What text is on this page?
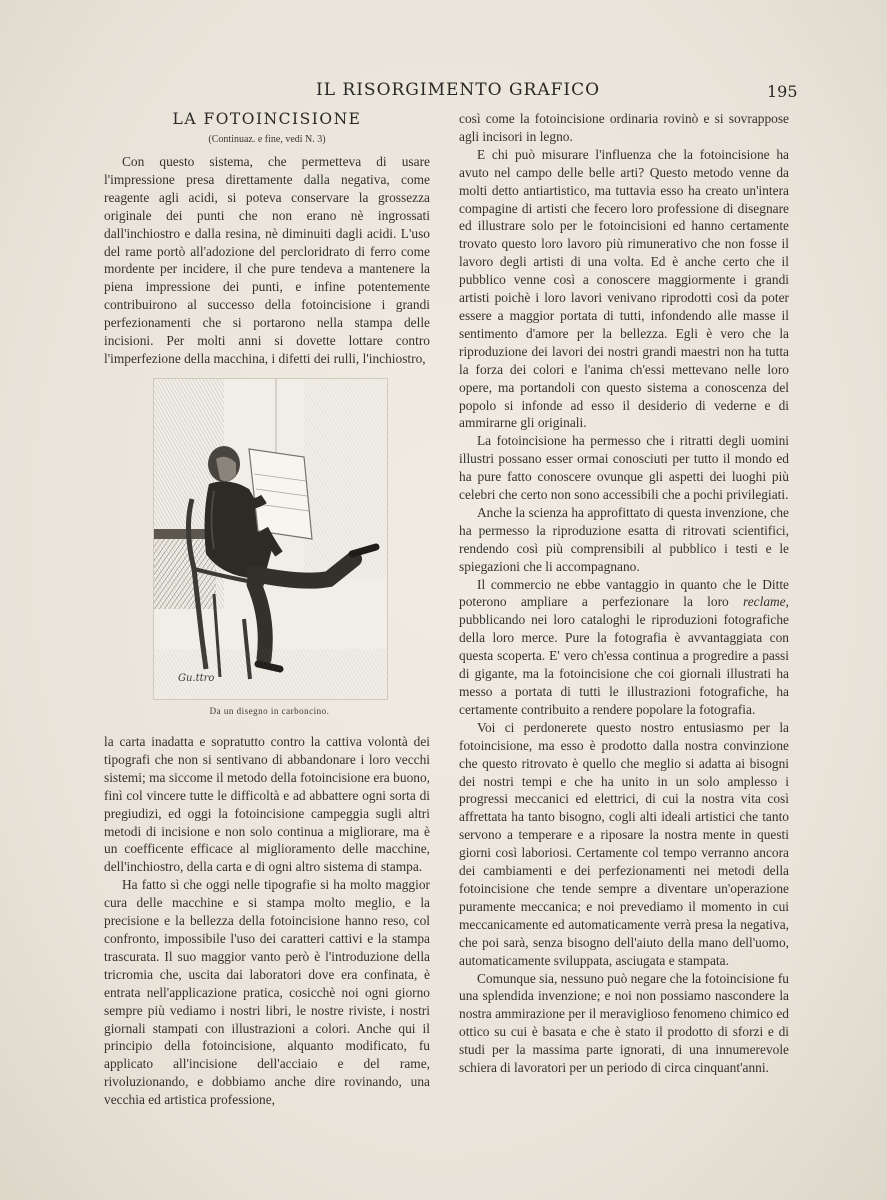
IL RISORGIMENTO GRAFICO	195
LA FOTOINCISIONE
(Continuaz. e fine, vedi N. 3)

Con questo sistema, che permetteva di usare l'impressione presa direttamente dalla negativa, come reagente agli acidi, si poteva conservare la grossezza originale dei punti che non erano nè ingrossati dall'inchiostro e dalla resina, nè diminuiti dagli acidi. L'uso del rame portò all'adozione del percloridrato di ferro come mordente per incidere, il che pure tendeva a mantenere la piena impressione dei punti, e infine potentemente contribuirono al successo della fotoincisione i grandi perfezionamenti che si portarono nella stampa delle incisioni. Per molti anni si dovette lottare contro l'imperfezione della macchina, i difetti dei rulli, l'inchiostro,

Gu.ttro
Da un disegno in carboncino.

la carta inadatta e sopratutto contro la cattiva volontà dei tipografi che non si sentivano di abbandonare i loro vecchi sistemi; ma siccome il metodo della fotoincisione era buono, finì col vincere tutte le difficoltà e ad abbattere ogni sorta di pregiudizi, ed oggi la fotoincisione campeggia sugli altri metodi di incisione e non solo continua a migliorare, ma è un coefficente efficace al miglioramento delle macchine, dell'inchiostro, della carta e di ogni altro sistema di stampa.

Ha fatto sì che oggi nelle tipografie si ha molto maggior cura delle macchine e si stampa molto meglio, e la precisione e la bellezza della fotoincisione hanno reso, col confronto, impossibile l'uso dei caratteri cattivi e la stampa trascurata. Il suo maggior vanto però è l'introduzione della tricromia che, uscita dai laboratori dove era confinata, è entrata nell'applicazione pratica, cosicchè noi ogni giorno sempre più vediamo i nostri libri, le nostre riviste, i nostri giornali stampati con illustrazioni a colori. Anche qui il principio della fotoincisione, alquanto modificato, fu applicato all'incisione dell'acciaio e del rame, rivoluzionando, e dobbiamo anche dire rovinando, una vecchia ed artistica professione,

così come la fotoincisione ordinaria rovinò e si sovrappose agli incisori in legno.

E chi può misurare l'influenza che la fotoincisione ha avuto nel campo delle belle arti? Questo metodo venne da molti detto antiartistico, ma tuttavia esso ha creato un'intera compagine di artisti che fecero loro professione di disegnare ed illustrare solo per le fotoincisioni ed hanno certamente trovato questo loro lavoro più rimunerativo che non fosse il lavoro degli artisti di una volta. Ed è anche certo che il pubblico venne così a conoscere maggiormente i grandi artisti poichè i loro lavori venivano riprodotti così da poter essere a maggior portata di tutti, infondendo alle masse il sentimento d'amore per la bellezza. Egli è vero che la riproduzione dei lavori dei nostri grandi maestri non ha tutta la forza dei colori e l'anima ch'essi mettevano nelle loro opere, ma portandoli con questo sistema a conoscenza del popolo si infonde ad esso il desiderio di vederne e di ammirarne gli originali.

La fotoincisione ha permesso che i ritratti degli uomini illustri possano esser ormai conosciuti per tutto il mondo ed ha pure fatto conoscere ovunque gli aspetti dei luoghi più celebri che certo non sono accessibili che a pochi privilegiati.

Anche la scienza ha approfittato di questa invenzione, che ha permesso la riproduzione esatta di ritrovati scientifici, rendendo così più comprensibili al pubblico i testi e le spiegazioni che li accompagnano.

Il commercio ne ebbe vantaggio in quanto che le Ditte poterono ampliare a perfezionare la loro reclame, pubblicando nei loro cataloghi le riproduzioni fotografiche della loro merce. Pure la fotografia è avvantaggiata con questa scoperta. E' vero ch'essa continua a progredire a passi di gigante, ma la fotoincisione che coi giornali illustrati ha messo a portata di tutti le illustrazioni fotografiche, ha certamente contribuito a rendere popolare la fotografia.

Voi ci perdonerete questo nostro entusiasmo per la fotoincisione, ma esso è prodotto dalla nostra convinzione che questo ritrovato è quello che meglio si adatta ai bisogni dei nostri tempi e che ha unito in un solo amplesso i progressi meccanici ed elettrici, di cui la nostra vita così affrettata ha tanto bisogno, cogli alti ideali artistici che tanto servono a temperare e a riposare la nostra mente in questi giorni così laboriosi. Certamente col tempo verranno ancora dei cambiamenti e dei perfezionamenti nei metodi della fotoincisione che tende sempre a diventare un'operazione puramente meccanica; e noi prevediamo il momento in cui meccanicamente ed automaticamente verrà presa la negativa, che poi sarà, senza bisogno dell'aiuto della mano dell'uomo, automaticamente sviluppata, asciugata e stampata.

Comunque sia, nessuno può negare che la fotoincisione fu una splendida invenzione; e noi non possiamo nascondere la nostra ammirazione per il meraviglioso fenomeno chimico ed ottico su cui è basata e che è stato il prodotto di sforzi e di studi per la massima parte ignorati, di una innumerevole schiera di lavoratori per un periodo di circa cinquant'anni.
